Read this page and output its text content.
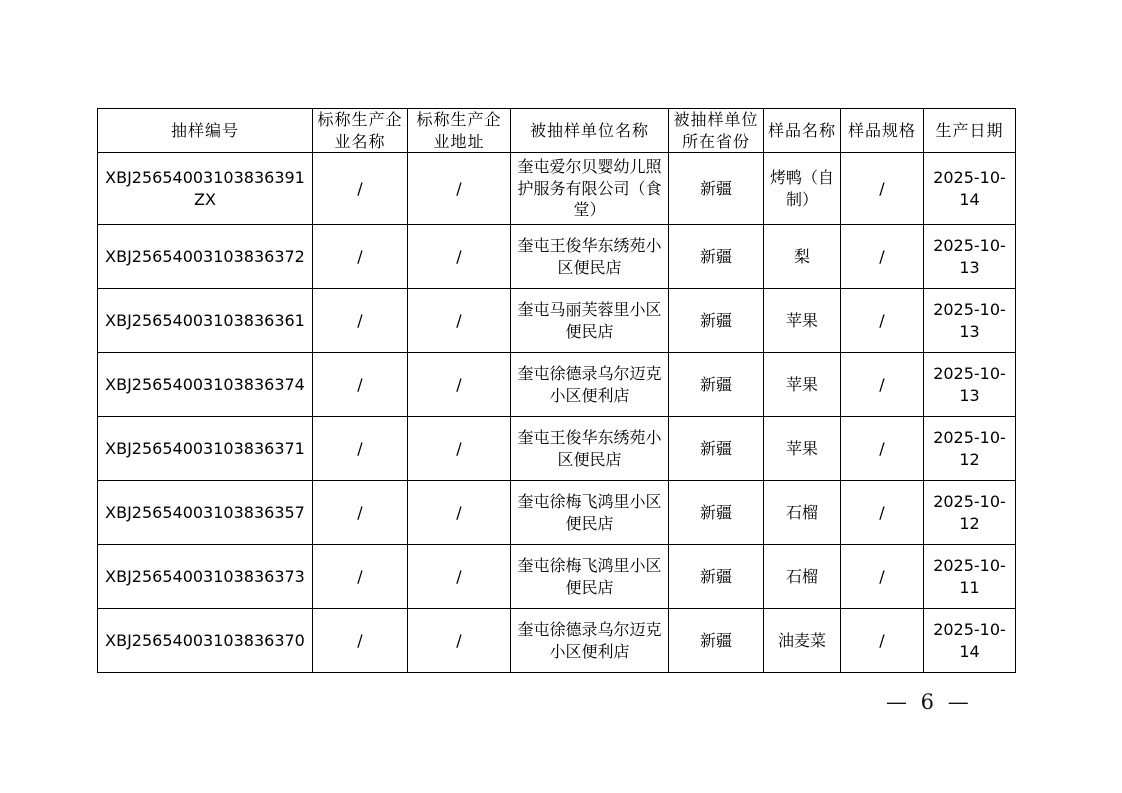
抽样编号	标称生产企业名称	标称生产企业地址	被抽样单位名称	被抽样单位所在省份	样品名称	样品规格	生产日期
XBJ25654003103836391ZX	/	/	奎屯爱尔贝婴幼儿照护服务有限公司（食堂）	新疆	烤鸭（自制）	/	2025-10-14
XBJ25654003103836372	/	/	奎屯王俊华东绣苑小区便民店	新疆	梨	/	2025-10-13
XBJ25654003103836361	/	/	奎屯马丽芙蓉里小区便民店	新疆	苹果	/	2025-10-13
XBJ25654003103836374	/	/	奎屯徐德录乌尔迈克小区便利店	新疆	苹果	/	2025-10-13
XBJ25654003103836371	/	/	奎屯王俊华东绣苑小区便民店	新疆	苹果	/	2025-10-12
XBJ25654003103836357	/	/	奎屯徐梅飞鸿里小区便民店	新疆	石榴	/	2025-10-12
XBJ25654003103836373	/	/	奎屯徐梅飞鸿里小区便民店	新疆	石榴	/	2025-10-11
XBJ25654003103836370	/	/	奎屯徐德录乌尔迈克小区便利店	新疆	油麦菜	/	2025-10-14
— 6 —
